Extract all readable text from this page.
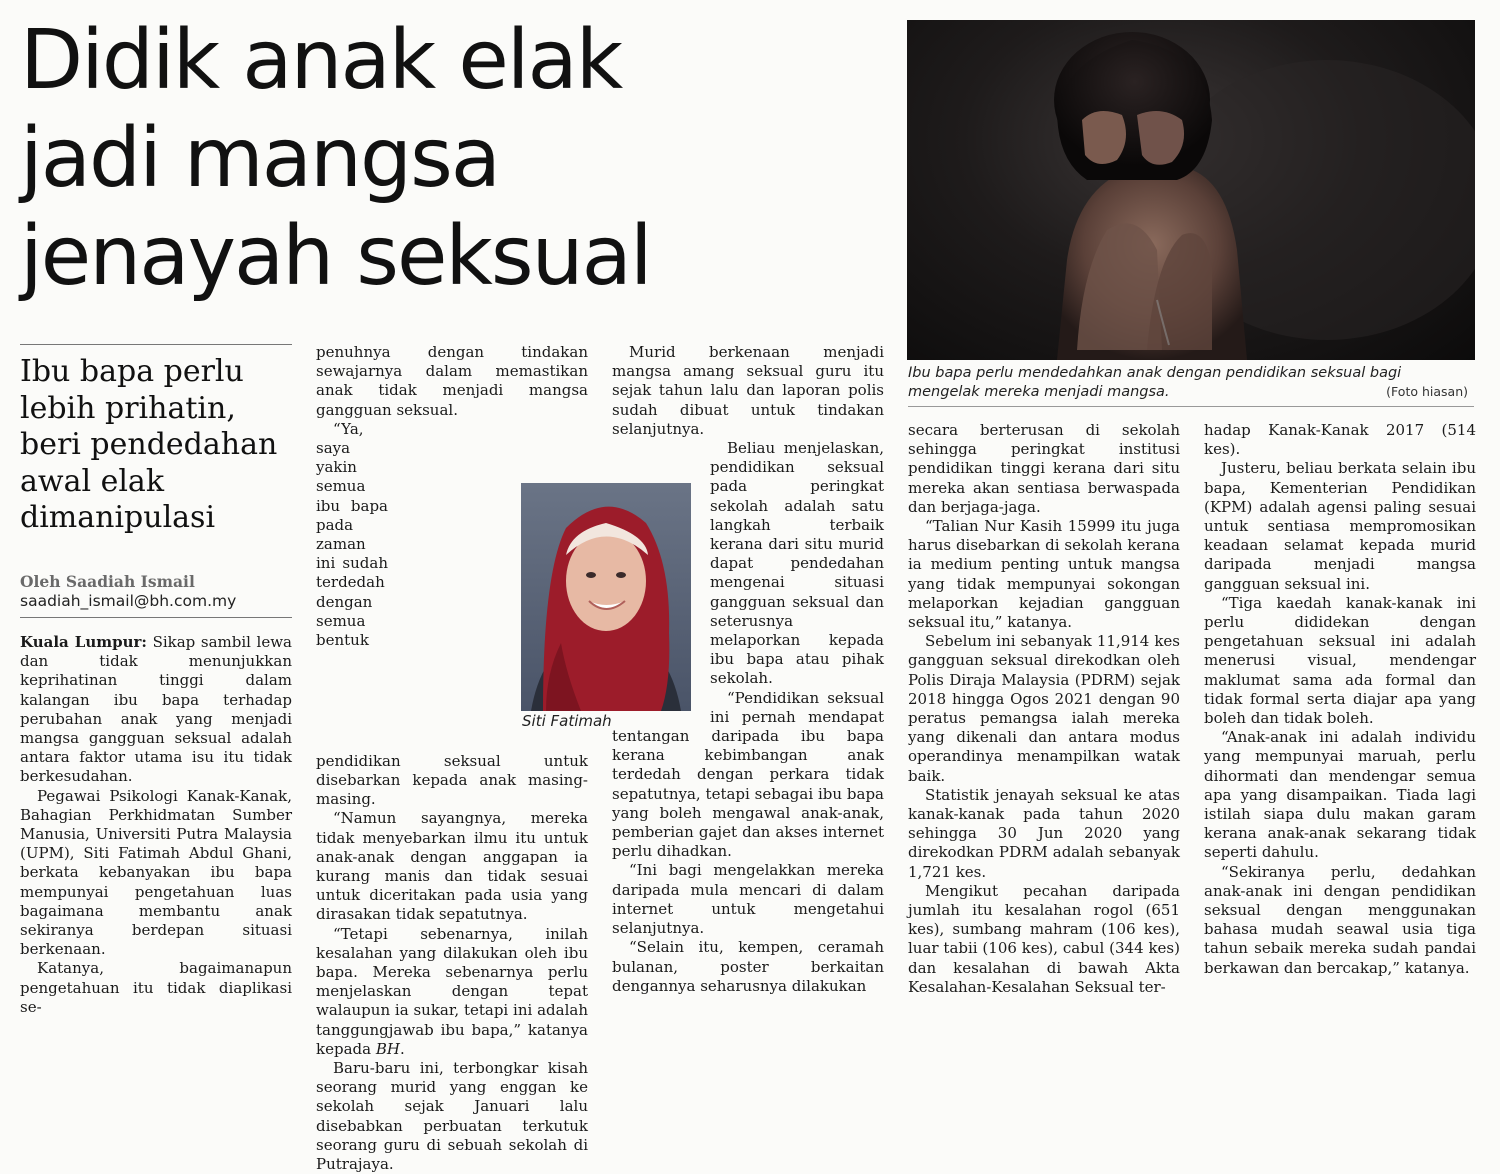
Didik anak elak
jadi mangsa
jenayah seksual
Ibu bapa perlu mendedahkan anak dengan pendidikan seksual bagi mengelak mereka menjadi mangsa.	(Foto hiasan)
Ibu bapa perlu lebih prihatin, beri pendedahan awal elak dimanipulasi
Oleh Saadiah Ismail
saadiah_ismail@bh.com.my

Kuala Lumpur: Sikap sambil lewa dan tidak menunjukkan keprihatinan tinggi dalam kalangan ibu bapa terhadap perubahan anak yang menjadi mangsa gangguan seksual adalah antara faktor utama isu itu tidak berkesudahan.

Pegawai Psikologi Kanak-Kanak, Bahagian Perkhidmatan Sumber Manusia, Universiti Putra Malaysia (UPM), Siti Fatimah Abdul Ghani, berkata kebanyakan ibu bapa mempunyai pengetahuan luas bagaimana membantu anak sekiranya berdepan situasi berkenaan.

Katanya, bagaimanapun pengetahuan itu tidak diaplikasi se-

penuhnya dengan tindakan sewajarnya dalam memastikan anak tidak menjadi mangsa gangguan seksual.

“Ya, saya yakin semua ibu bapa pada zaman ini sudah terdedah dengan semua bentuk pendidikan seksual untuk disebarkan kepada anak masing-masing.

“Namun sayangnya, mereka tidak menyebarkan ilmu itu untuk anak-anak dengan anggapan ia kurang manis dan tidak sesuai untuk diceritakan pada usia yang dirasakan tidak sepatutnya.

“Tetapi sebenarnya, inilah kesalahan yang dilakukan oleh ibu bapa. Mereka sebenarnya perlu menjelaskan dengan tepat walaupun ia sukar, tetapi ini adalah tanggungjawab ibu bapa,” katanya kepada BH.

Baru-baru ini, terbongkar kisah seorang murid yang enggan ke sekolah sejak Januari lalu disebabkan perbuatan terkutuk seorang guru di sebuah sekolah di Putrajaya.

Murid berkenaan menjadi mangsa amang seksual guru itu sejak tahun lalu dan laporan polis sudah dibuat untuk tindakan selanjutnya.

Beliau menjelaskan, pendidikan seksual pada peringkat sekolah adalah satu langkah terbaik kerana dari situ murid dapat pendedahan mengenai situasi gangguan seksual dan seterusnya melaporkan kepada ibu bapa atau pihak sekolah.

“Pendidikan seksual ini pernah mendapat tentangan daripada ibu bapa kerana kebimbangan anak terdedah dengan perkara tidak sepatutnya, tetapi sebagai ibu bapa yang boleh mengawal anak-anak, pemberian gajet dan akses internet perlu dihadkan.

“Ini bagi mengelakkan mereka daripada mula mencari di dalam internet untuk mengetahui selanjutnya.

“Selain itu, kempen, ceramah bulanan, poster berkaitan dengannya seharusnya dilakukan

secara berterusan di sekolah sehingga peringkat institusi pendidikan tinggi kerana dari situ mereka akan sentiasa berwaspada dan berjaga-jaga.

“Talian Nur Kasih 15999 itu juga harus disebarkan di sekolah kerana ia medium penting untuk mangsa yang tidak mempunyai sokongan melaporkan kejadian gangguan seksual itu,” katanya.

Sebelum ini sebanyak 11,914 kes gangguan seksual direkodkan oleh Polis Diraja Malaysia (PDRM) sejak 2018 hingga Ogos 2021 dengan 90 peratus pemangsa ialah mereka yang dikenali dan antara modus operandinya menampilkan watak baik.

Statistik jenayah seksual ke atas kanak-kanak pada tahun 2020 sehingga 30 Jun 2020 yang direkodkan PDRM adalah sebanyak 1,721 kes.

Mengikut pecahan daripada jumlah itu kesalahan rogol (651 kes), sumbang mahram (106 kes), luar tabii (106 kes), cabul (344 kes) dan kesalahan di bawah Akta Kesalahan-Kesalahan Seksual ter-

hadap Kanak-Kanak 2017 (514 kes).

Justeru, beliau berkata selain ibu bapa, Kementerian Pendidikan (KPM) adalah agensi paling sesuai untuk sentiasa mempromosikan keadaan selamat kepada murid daripada menjadi mangsa gangguan seksual ini.

“Tiga kaedah kanak-kanak ini perlu dididekan dengan pengetahuan seksual ini adalah menerusi visual, mendengar maklumat sama ada formal dan tidak formal serta diajar apa yang boleh dan tidak boleh.

“Anak-anak ini adalah individu yang mempunyai maruah, perlu dihormati dan mendengar semua apa yang disampaikan. Tiada lagi istilah siapa dulu makan garam kerana anak-anak sekarang tidak seperti dahulu.

“Sekiranya perlu, dedahkan anak-anak ini dengan pendidikan seksual dengan menggunakan bahasa mudah seawal usia tiga tahun sebaik mereka sudah pandai berkawan dan bercakap,” katanya.

Siti Fatimah
